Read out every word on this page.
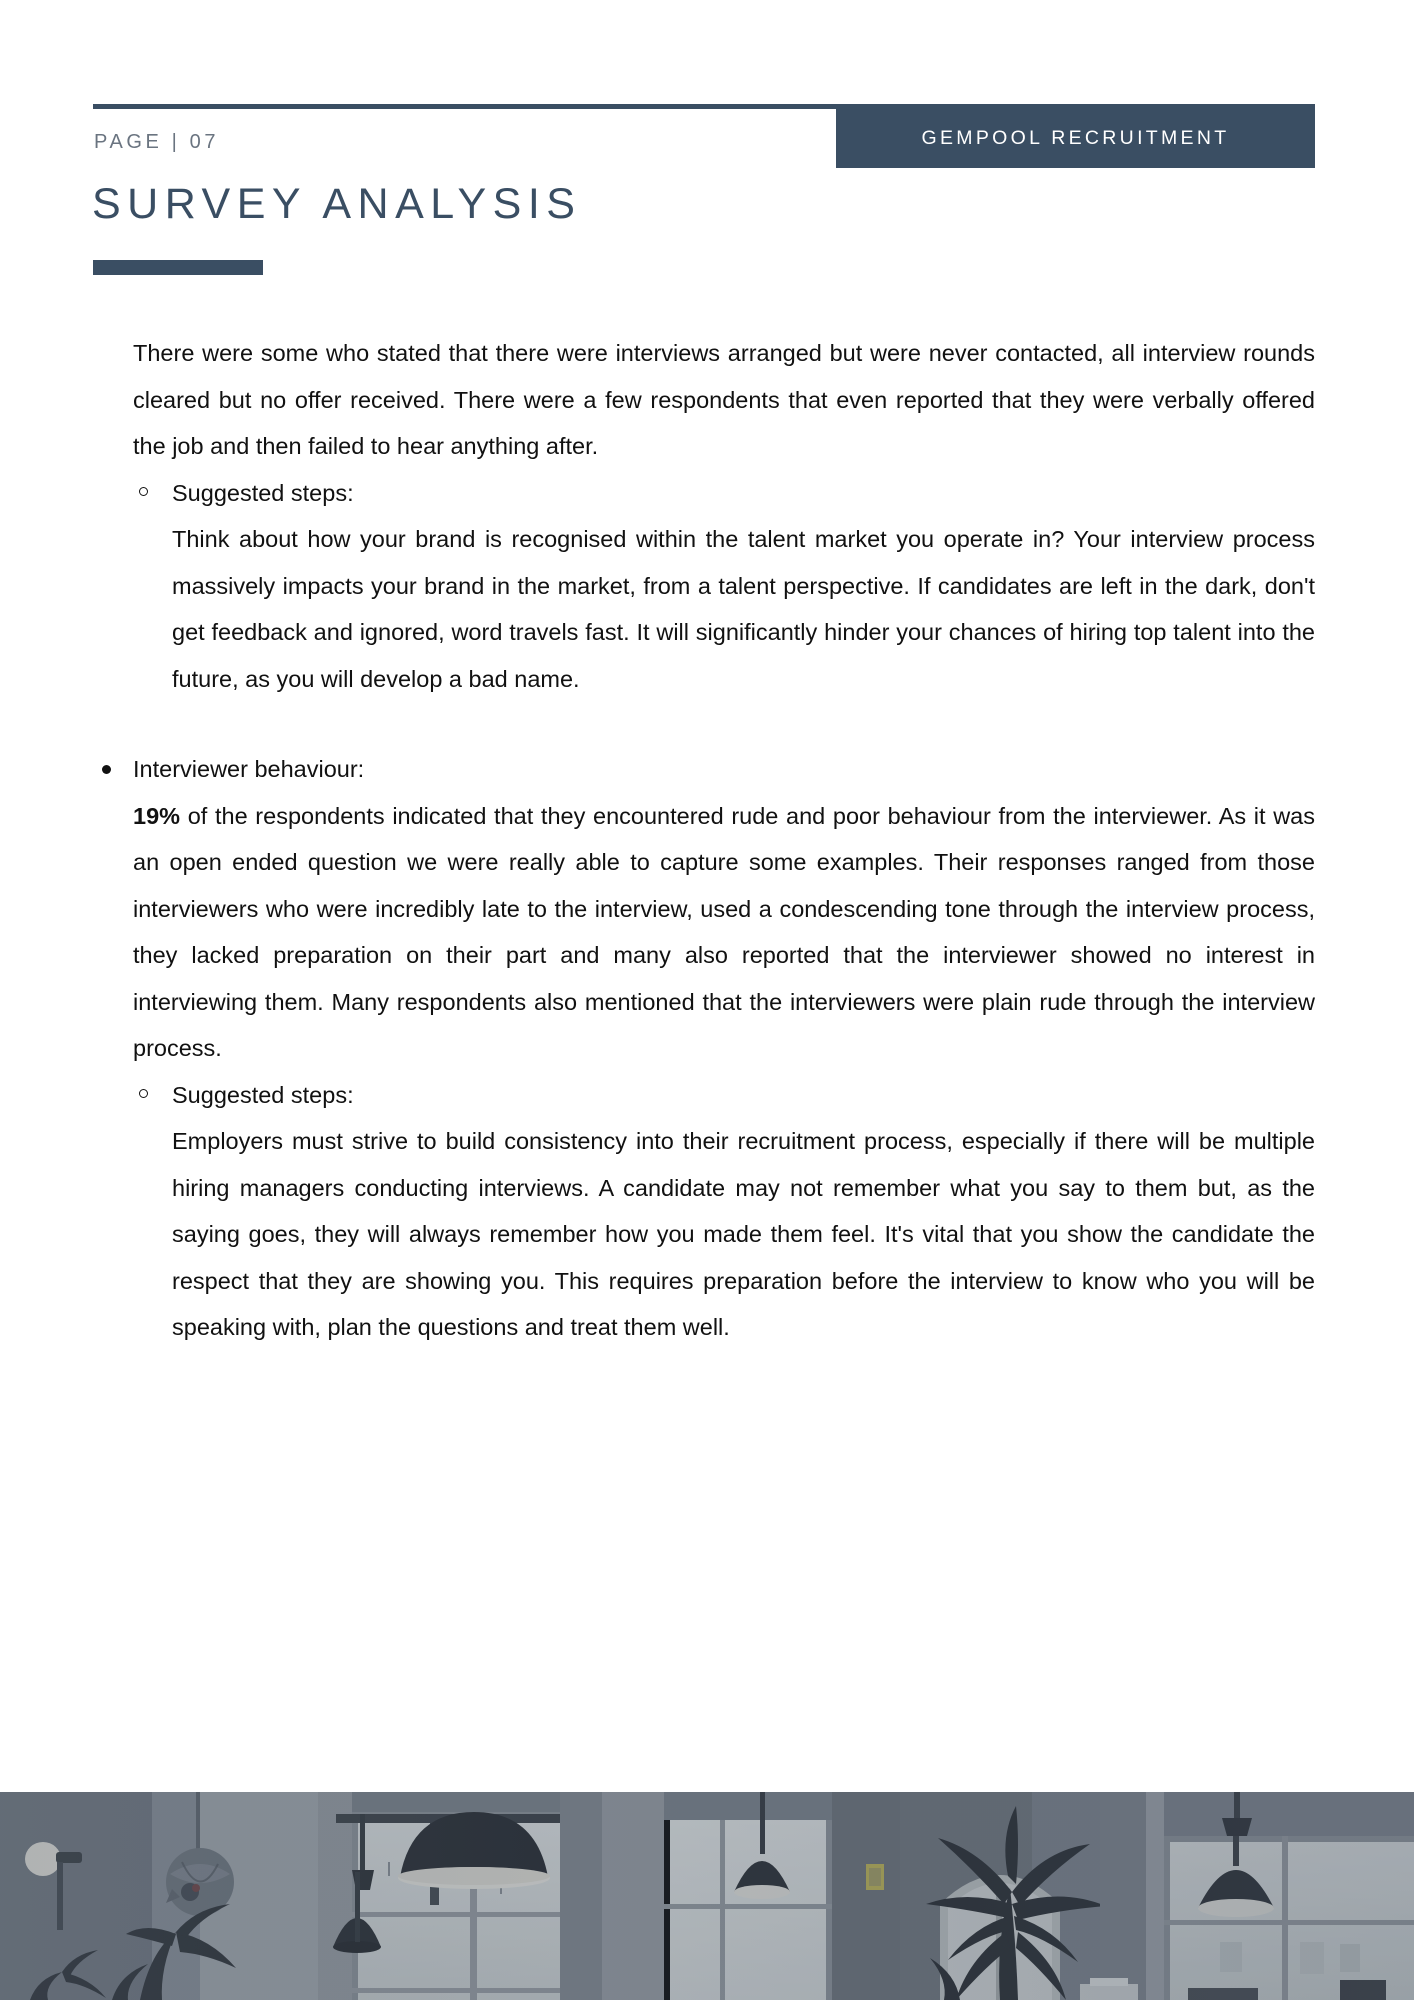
GEMPOOL RECRUITMENT
PAGE | 07
SURVEY ANALYSIS

There were some who stated that there were interviews arranged but were never contacted, all interview rounds cleared but no offer received. There were a few respondents that even reported that they were verbally offered the job and then failed to hear anything after.

Suggested steps:

Think about how your brand is recognised within the talent market you operate in? Your interview process massively impacts your brand in the market, from a talent perspective. If candidates are left in the dark, don't get feedback and ignored, word travels fast. It will significantly hinder your chances of hiring top talent into the future, as you will develop a bad name.

Interviewer behaviour:

19% of the respondents indicated that they encountered rude and poor behaviour from the interviewer. As it was an open ended question we were really able to capture some examples. Their responses ranged from those interviewers who were incredibly late to the interview, used a condescending tone through the interview process, they lacked preparation on their part and many also reported that the interviewer showed no interest in interviewing them. Many respondents also mentioned that the interviewers were plain rude through the interview process.

Suggested steps:

Employers must strive to build consistency into their recruitment process, especially if there will be multiple hiring managers conducting interviews. A candidate may not remember what you say to them but, as the saying goes, they will always remember how you made them feel. It's vital that you show the candidate the respect that they are showing you. This requires preparation before the interview to know who you will be speaking with, plan the questions and treat them well.
